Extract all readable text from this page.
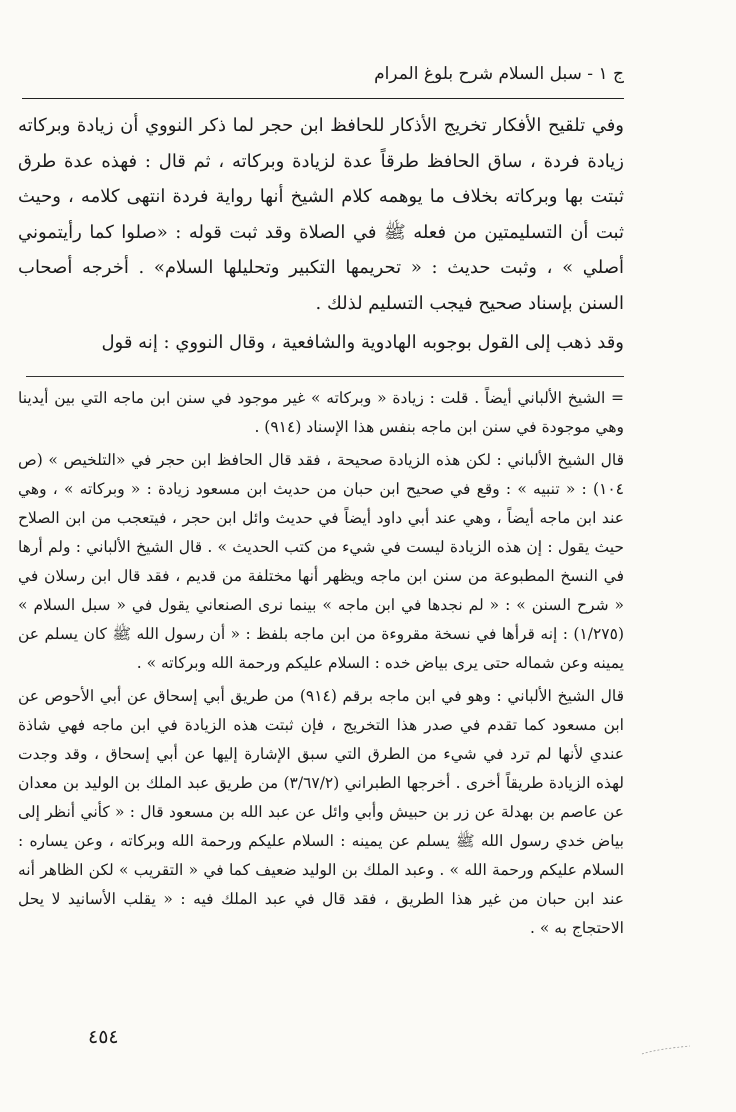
ج ١ - سبل السلام شرح بلوغ المرام

وفي تلقيح الأفكار تخريج الأذكار للحافظ ابن حجر لما ذكر النووي أن زيادة وبركاته زيادة فردة ، ساق الحافظ طرقاً عدة لزيادة وبركاته ، ثم قال : فهذه عدة طرق ثبتت بها وبركاته بخلاف ما يوهمه كلام الشيخ أنها رواية فردة انتهى كلامه ، وحيث ثبت أن التسليمتين من فعله ﷺ في الصلاة وقد ثبت قوله : «صلوا كما رأيتموني أصلي » ، وثبت حديث : « تحريمها التكبير وتحليلها السلام» . أخرجه أصحاب السنن بإسناد صحيح فيجب التسليم لذلك .

وقد ذهب إلى القول بوجوبه الهادوية والشافعية ، وقال النووي : إنه قول

= الشيخ الألباني أيضاً . قلت : زيادة « وبركاته » غير موجود في سنن ابن ماجه التي بين أيدينا وهي موجودة في سنن ابن ماجه بنفس هذا الإسناد (٩١٤) .

قال الشيخ الألباني : لكن هذه الزيادة صحيحة ، فقد قال الحافظ ابن حجر في «التلخيص » (ص ١٠٤) : « تنبيه » : وقع في صحيح ابن حبان من حديث ابن مسعود زيادة : « وبركاته » ، وهي عند ابن ماجه أيضاً ، وهي عند أبي داود أيضاً في حديث وائل ابن حجر ، فيتعجب من ابن الصلاح حيث يقول : إن هذه الزيادة ليست في شيء من كتب الحديث » . قال الشيخ الألباني : ولم أرها في النسخ المطبوعة من سنن ابن ماجه ويظهر أنها مختلفة من قديم ، فقد قال ابن رسلان في « شرح السنن » : « لم نجدها في ابن ماجه » بينما نرى الصنعاني يقول في « سبل السلام » (١/٢٧٥) : إنه قرأها في نسخة مقروءة من ابن ماجه بلفظ : « أن رسول الله ﷺ كان يسلم عن يمينه وعن شماله حتى يرى بياض خده : السلام عليكم ورحمة الله وبركاته » .

قال الشيخ الألباني : وهو في ابن ماجه برقم (٩١٤) من طريق أبي إسحاق عن أبي الأحوص عن ابن مسعود كما تقدم في صدر هذا التخريج ، فإن ثبتت هذه الزيادة في ابن ماجه فهي شاذة عندي لأنها لم ترد في شيء من الطرق التي سبق الإشارة إليها عن أبي إسحاق ، وقد وجدت لهذه الزيادة طريقاً أخرى . أخرجها الطبراني (٣/٦٧/٢) من طريق عبد الملك بن الوليد بن معدان عن عاصم بن بهدلة عن زر بن حبيش وأبي وائل عن عبد الله بن مسعود قال : « كأني أنظر إلى بياض خدي رسول الله ﷺ يسلم عن يمينه : السلام عليكم ورحمة الله وبركاته ، وعن يساره : السلام عليكم ورحمة الله » . وعبد الملك بن الوليد ضعيف كما في « التقريب » لكن الظاهر أنه عند ابن حبان من غير هذا الطريق ، فقد قال في عبد الملك فيه : « يقلب الأسانيد لا يحل الاحتجاج به » .

٤٥٤
